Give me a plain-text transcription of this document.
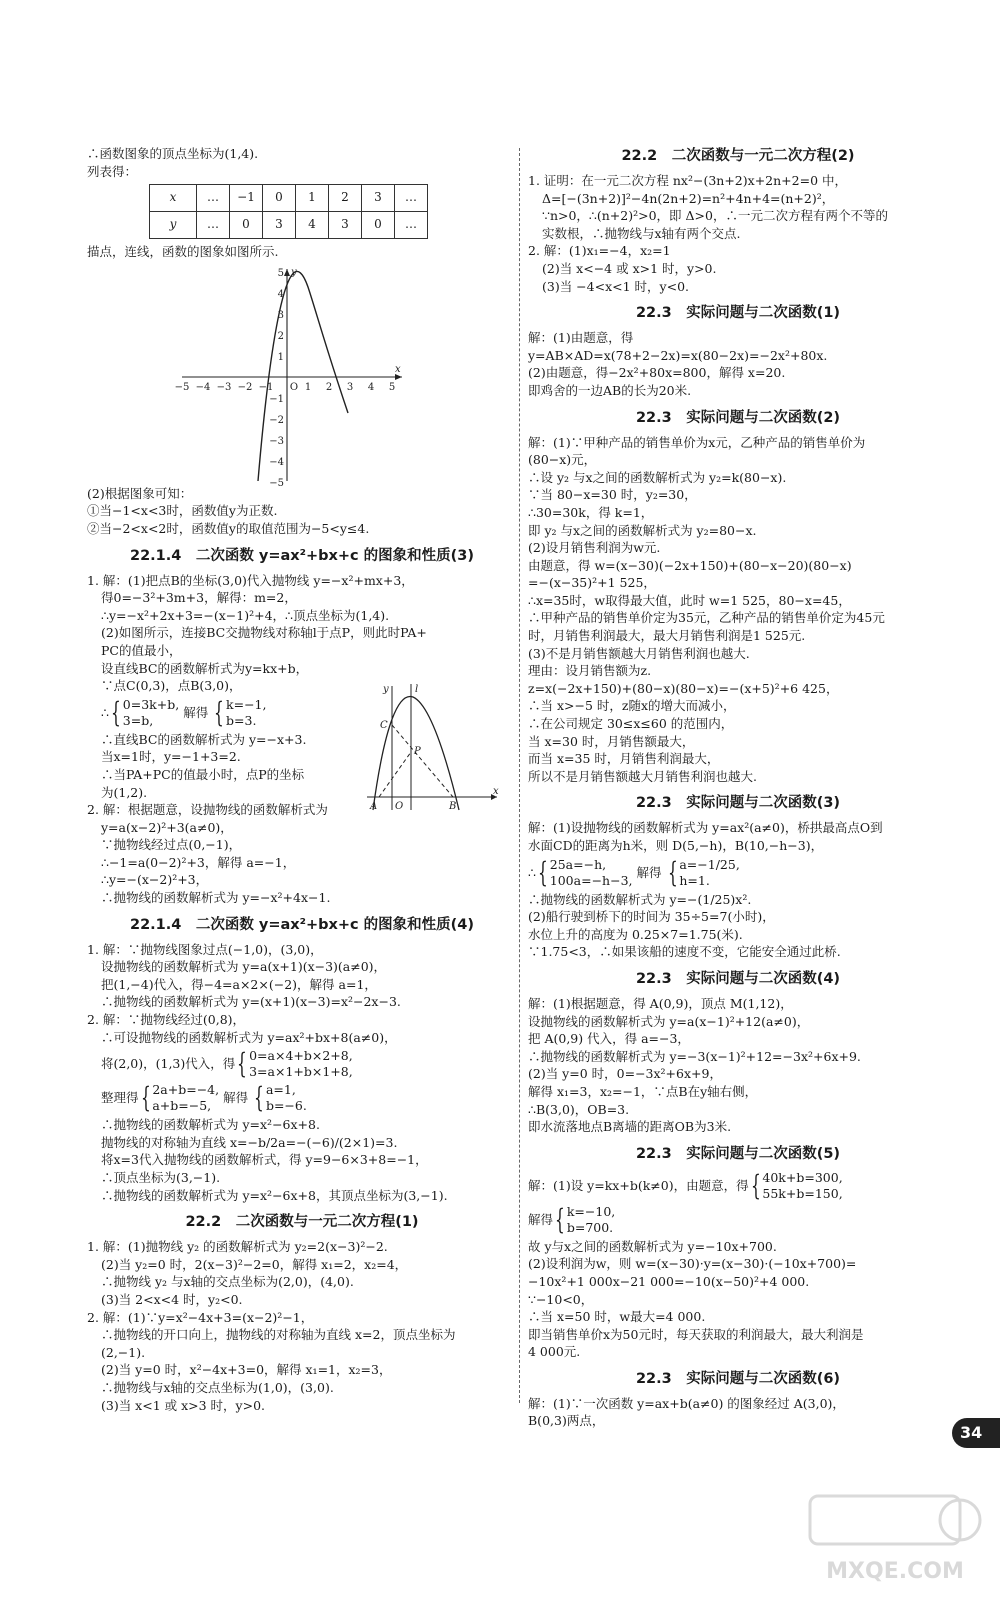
∴函数图象的顶点坐标为(1,4).
列表得：
x	…	−1	0	1	2	3	…
y	…	0	3	4	3	0	…
描点，连线，函数的图象如图所示.
x
y
−5 −4 −3 −2 −1 O 1 2 3 4 5
5
4
3
2
1
−1
−2
−3
−4
−5
(2)根据图象可知：
①当−1<x<3时，函数值y为正数.
②当−2<x<2时，函数值y的取值范围为−5<y≤4.
22.1.4　二次函数 y=ax²+bx+c 的图象和性质(3)
1. 解：(1)把点B的坐标(3,0)代入抛物线 y=−x²+mx+3，
得0=−3²+3m+3，解得：m=2，
∴y=−x²+2x+3=−(x−1)²+4，∴顶点坐标为(1,4).
(2)如图所示，连接BC交抛物线对称轴l于点P，则此时PA+
PC的值最小，
设直线BC的函数解析式为y=kx+b，
∵点C(0,3)，点B(3,0)，
∴ { 0=3k+b,
3=b,
解得 { k=−1,
b=3.
∴直线BC的函数解析式为 y=−x+3.
当x=1时，y=−1+3=2.
∴当PA+PC的值最小时，点P的坐标
为(1,2).
2. 解：根据题意，设抛物线的函数解析式为
y=a(x−2)²+3(a≠0)，
∵抛物线经过点(0,−1)，
∴−1=a(0−2)²+3，解得 a=−1，
∴y=−(x−2)²+3，
∴抛物线的函数解析式为 y=−x²+4x−1.
y	l
C
P
A O	B
x
22.1.4　二次函数 y=ax²+bx+c 的图象和性质(4)
1. 解：∵抛物线图象过点(−1,0)，(3,0)，
设抛物线的函数解析式为 y=a(x+1)(x−3)(a≠0)，
把(1,−4)代入，得−4=a×2×(−2)，解得 a=1，
∴抛物线的函数解析式为 y=(x+1)(x−3)=x²−2x−3.
2. 解：∵抛物线经过(0,8)，
∴可设抛物线的函数解析式为 y=ax²+bx+8(a≠0)，
将(2,0)，(1,3)代入，得 { 0=a×4+b×2+8,
3=a×1+b×1+8,
整理得 { 2a+b=−4,
a+b=−5,
解得 { a=1,
b=−6.
∴抛物线的函数解析式为 y=x²−6x+8.
抛物线的对称轴为直线 x=−b/2a=−(−6)/(2×1)=3.
将x=3代入抛物线的函数解析式，得 y=9−6×3+8=−1，
∴顶点坐标为(3,−1).
∴抛物线的函数解析式为 y=x²−6x+8，其顶点坐标为(3,−1).
22.2　二次函数与一元二次方程(1)
1. 解：(1)抛物线 y₂ 的函数解析式为 y₂=2(x−3)²−2.
(2)当 y₂=0 时，2(x−3)²−2=0，解得 x₁=2，x₂=4，
∴抛物线 y₂ 与x轴的交点坐标为(2,0)，(4,0).
(3)当 2<x<4 时，y₂<0.
2. 解：(1)∵y=x²−4x+3=(x−2)²−1，
∴抛物线的开口向上，抛物线的对称轴为直线 x=2，顶点坐标为
(2,−1).
(2)当 y=0 时，x²−4x+3=0，解得 x₁=1，x₂=3，
∴抛物线与x轴的交点坐标为(1,0)，(3,0).
(3)当 x<1 或 x>3 时，y>0.
22.2　二次函数与一元二次方程(2)
1. 证明：在一元二次方程 nx²−(3n+2)x+2n+2=0 中，
Δ=[−(3n+2)]²−4n(2n+2)=n²+4n+4=(n+2)²，
∵n>0，∴(n+2)²>0，即 Δ>0，∴一元二次方程有两个不等的
实数根，∴抛物线与x轴有两个交点.
2. 解：(1)x₁=−4，x₂=1
(2)当 x<−4 或 x>1 时，y>0.
(3)当 −4<x<1 时，y<0.
22.3　实际问题与二次函数(1)
解：(1)由题意，得
y=AB×AD=x(78+2−2x)=x(80−2x)=−2x²+80x.
(2)由题意，得−2x²+80x=800，解得 x=20.
即鸡舍的一边AB的长为20米.
22.3　实际问题与二次函数(2)
解：(1)∵甲种产品的销售单价为x元，乙种产品的销售单价为
(80−x)元，
∴设 y₂ 与x之间的函数解析式为 y₂=k(80−x).
∵当 80−x=30 时，y₂=30，
∴30=30k，得 k=1，
即 y₂ 与x之间的函数解析式为 y₂=80−x.
(2)设月销售利润为w元.
由题意，得 w=(x−30)(−2x+150)+(80−x−20)(80−x)
=−(x−35)²+1 525，
∴x=35时，w取得最大值，此时 w=1 525，80−x=45，
∴甲种产品的销售单价定为35元，乙种产品的销售单价定为45元
时，月销售利润最大，最大月销售利润是1 525元.
(3)不是月销售额越大月销售利润也越大.
理由：设月销售额为z.
z=x(−2x+150)+(80−x)(80−x)=−(x+5)²+6 425，
∴当 x>−5 时，z随x的增大而减小，
∴在公司规定 30≤x≤60 的范围内，
当 x=30 时，月销售额最大，
而当 x=35 时，月销售利润最大，
所以不是月销售额越大月销售利润也越大.
22.3　实际问题与二次函数(3)
解：(1)设抛物线的函数解析式为 y=ax²(a≠0)，桥拱最高点O到
水面CD的距离为h米，则 D(5,−h)，B(10,−h−3)，
∴ { 25a=−h,
100a=−h−3,
解得 { a=−1/25,
h=1.
∴抛物线的函数解析式为 y=−(1/25)x².
(2)船行驶到桥下的时间为 35÷5=7(小时)，
水位上升的高度为 0.25×7=1.75(米).
∵1.75<3，∴如果该船的速度不变，它能安全通过此桥.
22.3　实际问题与二次函数(4)
解：(1)根据题意，得 A(0,9)，顶点 M(1,12)，
设抛物线的函数解析式为 y=a(x−1)²+12(a≠0)，
把 A(0,9) 代入，得 a=−3，
∴抛物线的函数解析式为 y=−3(x−1)²+12=−3x²+6x+9.
(2)当 y=0 时，0=−3x²+6x+9，
解得 x₁=3，x₂=−1，∵点B在y轴右侧，
∴B(3,0)，OB=3.
即水流落地点B离墙的距离OB为3米.
22.3　实际问题与二次函数(5)
解：(1)设 y=kx+b(k≠0)，由题意，得 { 40k+b=300,
55k+b=150,
解得 { k=−10,
b=700.
故 y与x之间的函数解析式为 y=−10x+700.
(2)设利润为w，则 w=(x−30)·y=(x−30)·(−10x+700)=
−10x²+1 000x−21 000=−10(x−50)²+4 000.
∵−10<0，
∴当 x=50 时，w最大=4 000.
即当销售单价x为50元时，每天获取的利润最大，最大利润是
4 000元.
22.3　实际问题与二次函数(6)
解：(1)∵一次函数 y=ax+b(a≠0) 的图象经过 A(3,0)，
B(0,3)两点，
34
MXQE.COM
